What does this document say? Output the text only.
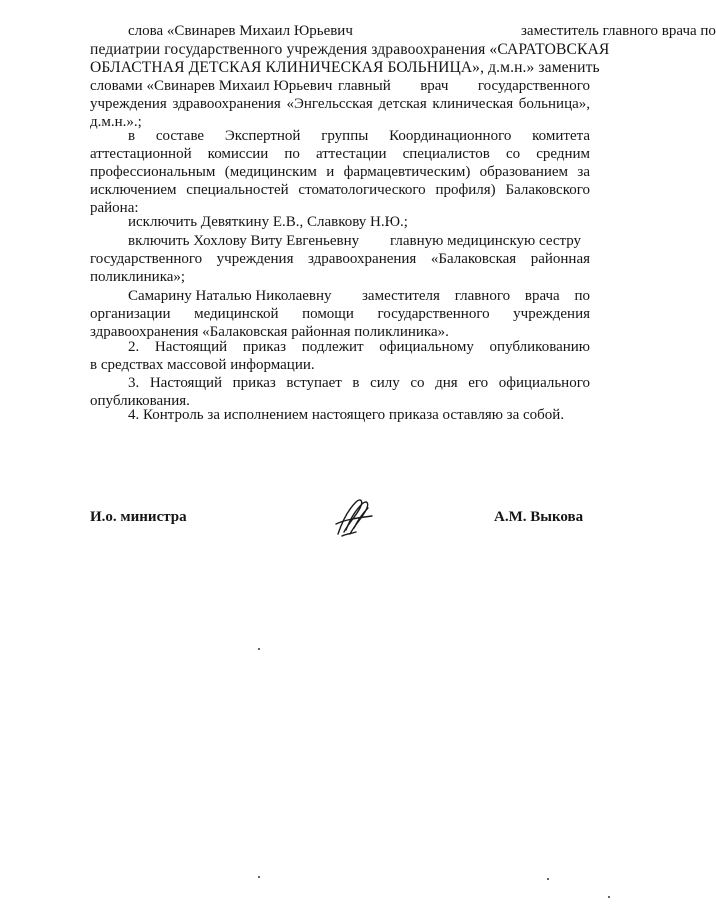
слова «Свинарев Михаил Юрьевич	заместитель главного врача по
педиатрии государственного учреждения здравоохранения «САРАТОВСКАЯ
ОБЛАСТНАЯ ДЕТСКАЯ КЛИНИЧЕСКАЯ БОЛЬНИЦА», д.м.н.» заменить
словами «Свинарев Михаил Юрьевич главный врач государственного
учреждения здравоохранения «Энгельсская детская клиническая больница»,
д.м.н.».;
в составе Экспертной группы Координационного комитета
аттестационной комиссии по аттестации специалистов со средним
профессиональным (медицинским и фармацевтическим) образованием за
исключением специальностей стоматологического профиля) Балаковского
района:
исключить Девяткину Е.В., Славкову Н.Ю.;
включить Хохлову Виту Евгеньевну главную медицинскую сестру
государственного учреждения здравоохранения «Балаковская районная
поликлиника»;
Самарину Наталью Николаевну заместителя главного врача по
организации медицинской помощи государственного учреждения
здравоохранения «Балаковская районная поликлиника».
2. Настоящий приказ подлежит официальному опубликованию
в средствах массовой информации.
3. Настоящий приказ вступает в силу со дня его официального
опубликования.
4. Контроль за исполнением настоящего приказа оставляю за собой.
И.о. министра	А.М. Выкова
